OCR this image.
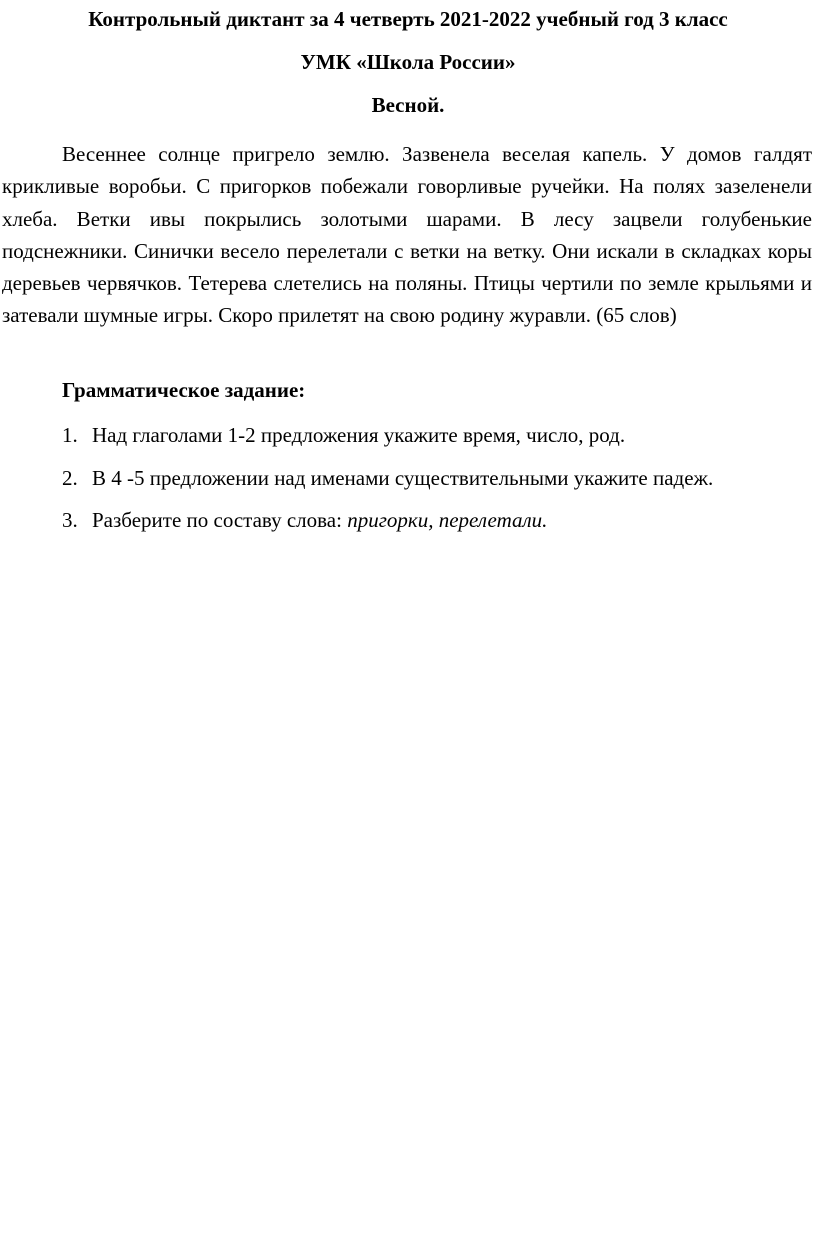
Контрольный диктант за 4 четверть 2021-2022 учебный год 3 класс
УМК «Школа России»
Весной.

Весеннее солнце пригрело землю. Зазвенела веселая капель. У домов галдят крикливые воробьи. С пригорков побежали говорливые ручейки. На полях зазеленели хлеба. Ветки ивы покрылись золотыми шарами. В лесу зацвели голубенькие подснежники. Синички весело перелетали с ветки на ветку. Они искали в складках коры деревьев червячков. Тетерева слетелись на поляны. Птицы чертили по земле крыльями и затевали шумные игры. Скоро прилетят на свою родину журавли. (65 слов)

Грамматическое задание:

1. Над глаголами 1-2 предложения укажите время, число, род.
2. В 4 -5 предложении над именами существительными укажите падеж.
3. Разберите по составу слова: пригорки, перелетали.
